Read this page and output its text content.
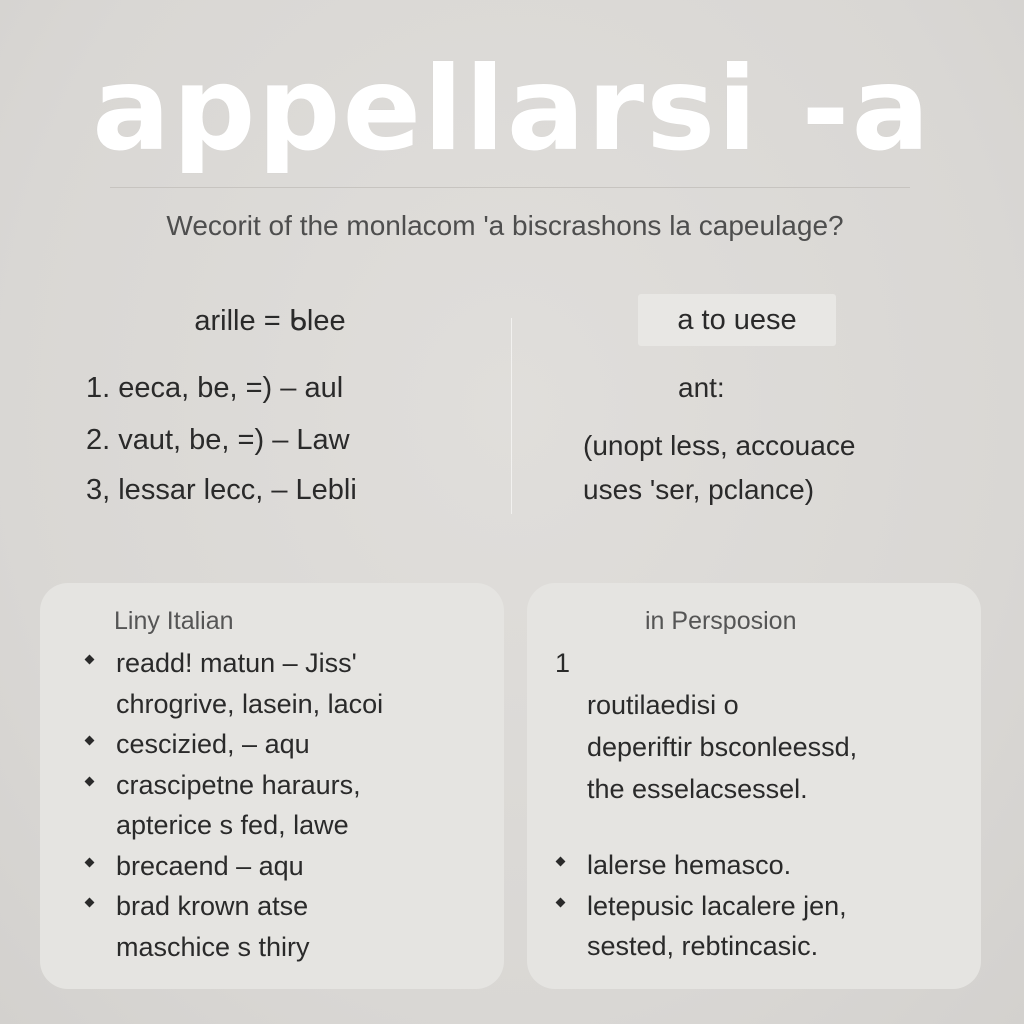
appellarsi -a
Wecorit of the monlacom 'a biscrashons la capeulage?
arille = ᑲlee
1. eeca, be, =) – aul
2. vaut, be, =) – Law
3, lessar lecc, – Lebli
a to uese
ant:
(unopt less, accouace
uses 'ser, pclance)
Liny Italian
readd! matun – Jiss'
chrogrive, lasein, lacoi
cescizied, – aqu
crascipetne haraurs,
apterice s fed, lawe
brecaend – aqu
brad krown atse
maschice s thiry
in Persposion
1
routilaedisi o
deperiftir bsconleessd,
the esselacsessel.
lalerse hemasco.
letepusic lacalere jen,
sested, rebtincasic.
